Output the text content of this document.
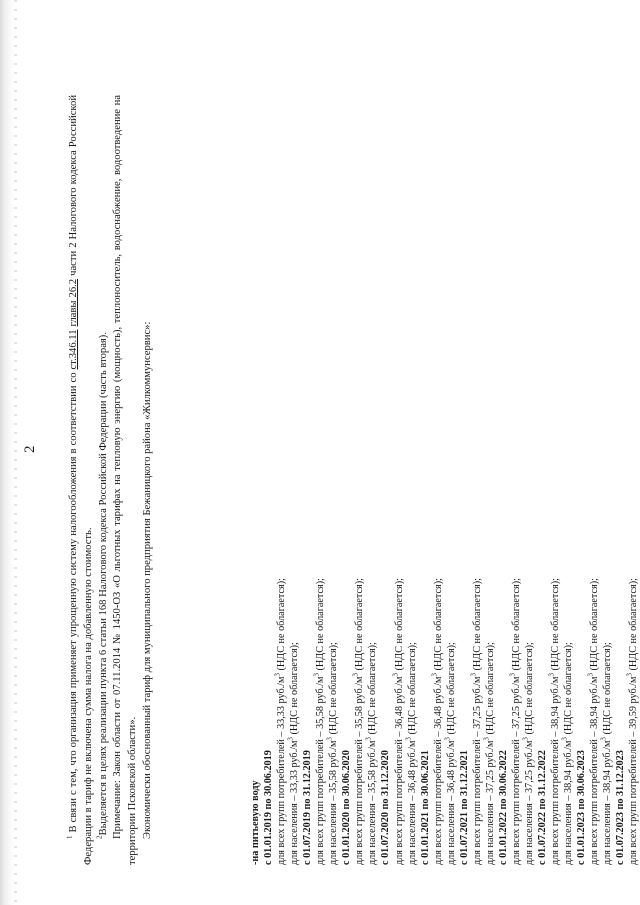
2

$^1$ В связи с тем, что организация применяет упрощенную систему налогообложения в соответствии со ст.346.11 главы 26.2 части 2 Налогового кодекса Российской Федерации в тариф не включена сумма налога на добавленную стоимость. $^2$Выделяется в целях реализации пункта 6 статьи 168 Налогового кодекса Российской Федерации (часть вторая). Примечание: Закон области от 07.11.2014 № 1450-ОЗ «О льготных тарифах на тепловую энергию (мощность), теплоноситель, водоснабжение, водоотведение на территории Псковской области». Экономически обоснованный тариф для муниципального предприятия Бежаницкого района «Жилкоммунсервис»:	-на питьевую воду с 01.01.2019 по 30.06.2019 для всех групп потребителей – 33,33 $руб./м^3$ (НДС не облагается);
для населения – 33,33 $руб./м^3$ (НДС не облагается);
с 01.07.2019 по 31.12.2019 для всех групп потребителей – 35,58 $руб./м^3$ (НДС не облагается);
для населения – 35,58 $руб./м^3$ (НДС не облагается);
с 01.01.2020 по 30.06.2020 для всех групп потребителей – 35,58 $руб./м^3$ (НДС не облагается);
для населения – 35,58 $руб./м^3$ (НДС не облагается);
с 01.07.2020 по 31.12.2020 для всех групп потребителей – 36,48 $руб./м^3$ (НДС не облагается);
для населения – 36,48 $руб./м^3$ (НДС не облагается);
с 01.01.2021 по 30.06.2021 для всех групп потребителей – 36,48 $руб./м^3$ (НДС не облагается);
для населения – 36,48 $руб./м^3$ (НДС не облагается);
с 01.07.2021 по 31.12.2021 для всех групп потребителей – 37,25 $руб./м^3$ (НДС не облагается);
для населения – 37,25 $руб./м^3$ (НДС не облагается);
с 01.01.2022 по 30.06.2022 для всех групп потребителей – 37,25 $руб./м^3$ (НДС не облагается);
для населения – 37,25 $руб./м^3$ (НДС не облагается);
с 01.07.2022 по 31.12.2022 для всех групп потребителей – 38,94 $руб./м^3$ (НДС не облагается);
для населения – 38,94 $руб./м^3$ (НДС не облагается);
с 01.01.2023 по 30.06.2023 для всех групп потребителей – 38,94 $руб./м^3$ (НДС не облагается);
для населения – 38,94 $руб./м^3$ (НДС не облагается);
с 01.07.2023 по 31.12.2023 для всех групп потребителей – 39,59 $руб./м^3$ (НДС не облагается);
